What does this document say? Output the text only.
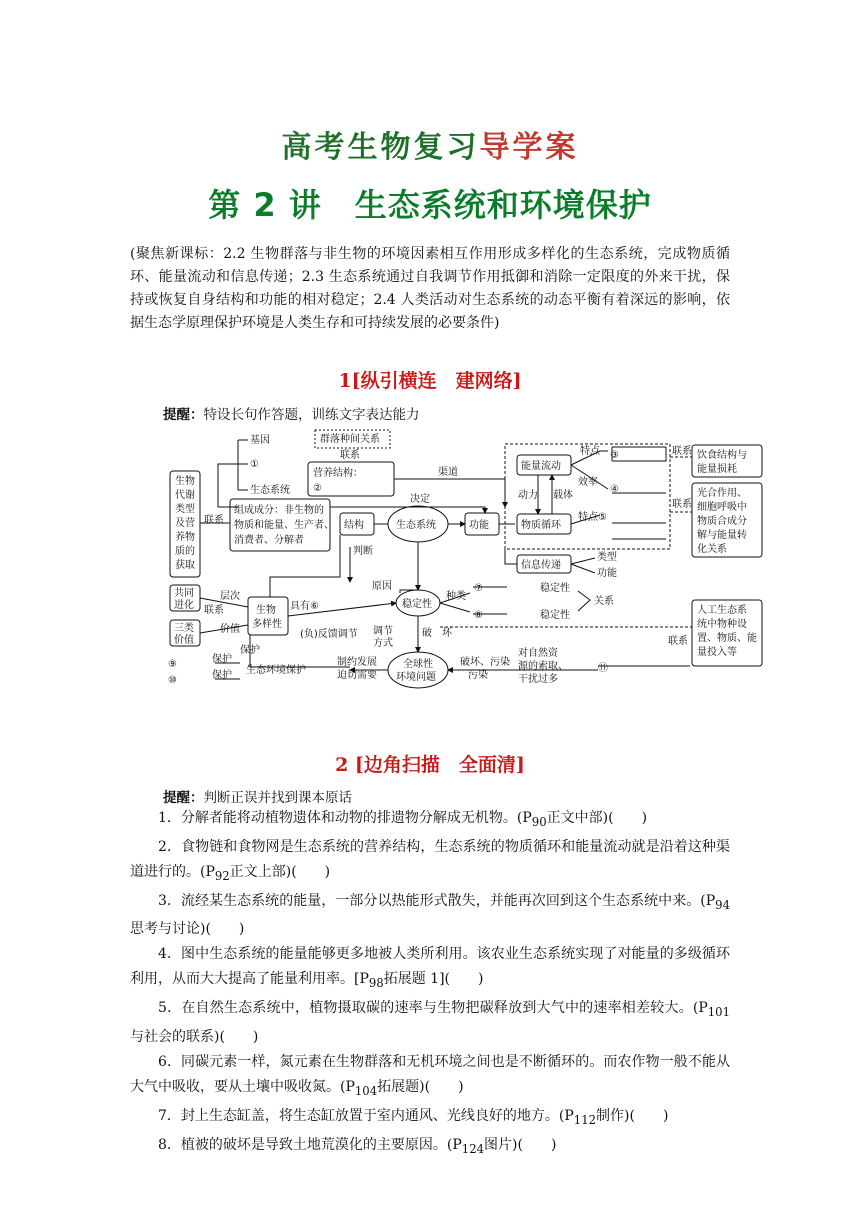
高考生物复习导学案
第 2 讲　生态系统和环境保护
(聚焦新课标：2.2 生物群落与非生物的环境因素相互作用形成多样化的生态系统，完成物质循环、能量流动和信息传递；2.3 生态系统通过自我调节作用抵御和消除一定限度的外来干扰，保持或恢复自身结构和功能的相对稳定；2.4 人类活动对生态系统的动态平衡有着深远的影响，依据生态学原理保护环境是人类生存和可持续发展的必要条件)
1[纵引横连　建网络]
提醒：特设长句作答题，训练文字表达能力
生物
代谢
类型
及营
养物
质的
获取
联系
基因
①
生态系统
群落种间关系
联系
营养结构：
②
渠道
组成成分：非生物的
物质和能量、生产者、
消费者、分解者
决定
结构	生态系统	功能
能量流动
特点 ③
效率
④
动力 载体
物质循环
特点⑤
信息传递
类型
功能
联系
联系
饮食结构与
能量损耗
光合作用、
细胞呼吸中
物质合成分
解与能量转
化关系
判断
共同
进化
三类
价值
联系
层次
价值
生物
多样性
具有⑥
原因
稳定性
种类
⑦
⑧
稳定性
稳定性
关系
联系
(负)反馈调节 调节
方式
破　坏
保护
⑨
⑩
保护
保护 生态环境保护
制约发展
迫切需要
全球性
环境问题
破坏、污染
污染
对自然资
源的索取、
干扰过多
⑪
人工生态系
统中物种设
置、物质、能
量投入等
2 [边角扫描　全面清]
提醒：判断正误并找到课本原话

1．分解者能将动植物遗体和动物的排遗物分解成无机物。($P_{90}$正文中部)(　　)

2．食物链和食物网是生态系统的营养结构，生态系统的物质循环和能量流动就是沿着这种渠道进行的。($P_{92}$正文上部)(　　)

3．流经某生态系统的能量，一部分以热能形式散失，并能再次回到这个生态系统中来。($P_{94}$思考与讨论)(　　)

4．图中生态系统的能量能够更多地被人类所利用。该农业生态系统实现了对能量的多级循环利用，从而大大提高了能量利用率。[$P_{98}$拓展题 1](　　)

5．在自然生态系统中，植物摄取碳的速率与生物把碳释放到大气中的速率相差较大。($P_{101}$与社会的联系)(　　)

6．同碳元素一样，氮元素在生物群落和无机环境之间也是不断循环的。而农作物一般不能从大气中吸收，要从土壤中吸收氮。($P_{104}$拓展题)(　　)

7．封上生态缸盖，将生态缸放置于室内通风、光线良好的地方。($P_{112}$制作)(　　)

8．植被的破坏是导致土地荒漠化的主要原因。($P_{124}$图片)(　　)
